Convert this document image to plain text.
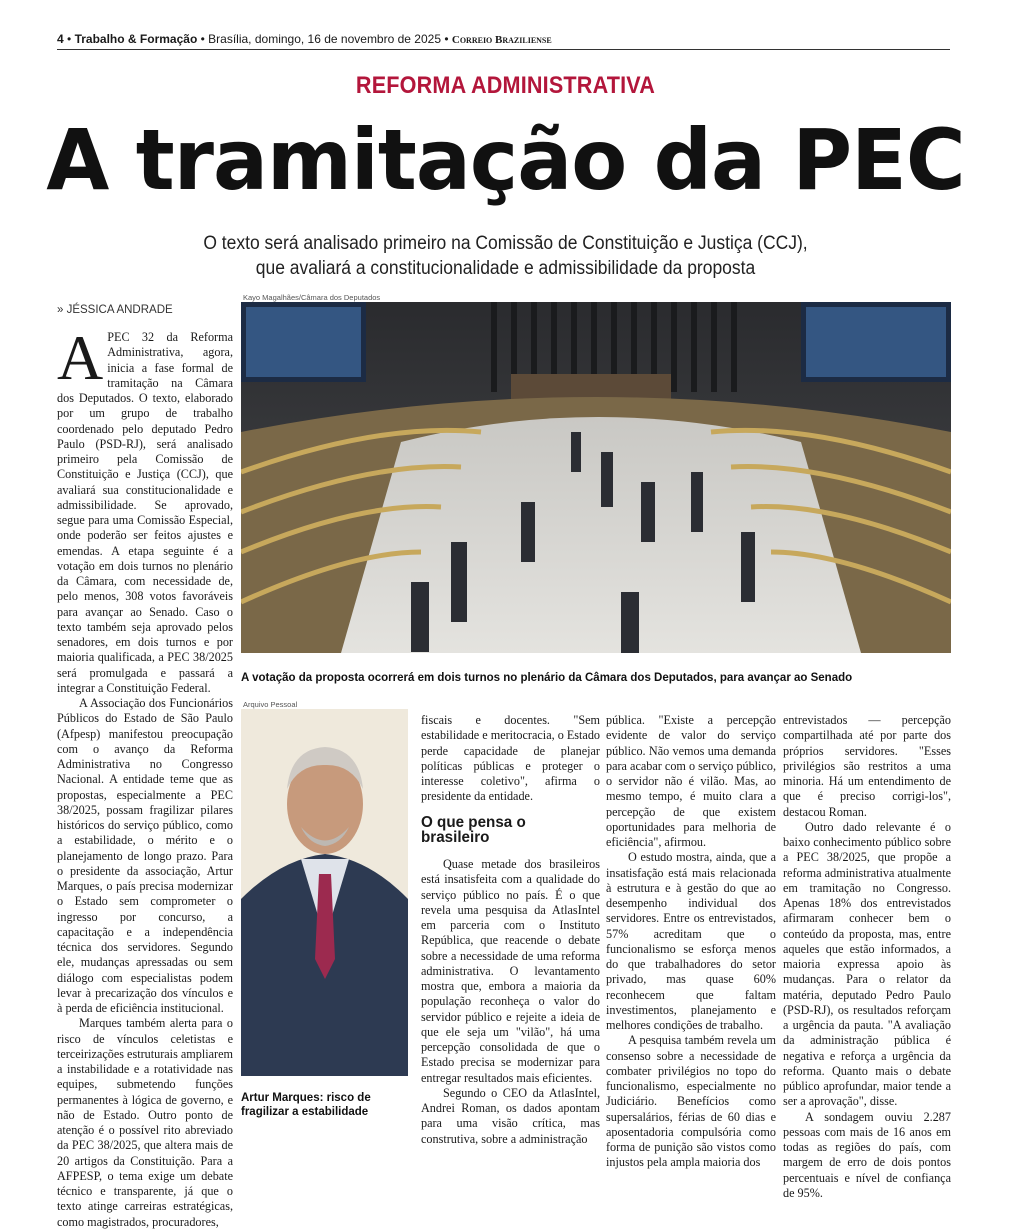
4 • Trabalho & Formação • Brasília, domingo, 16 de novembro de 2025 • Correio Braziliense
REFORMA ADMINISTRATIVA
A tramitação da PEC
O texto será analisado primeiro na Comissão de Constituição e Justiça (CCJ),
que avaliará a constitucionalidade e admissibilidade da proposta
» JÉSSICA ANDRADE

A PEC 32 da Reforma Administrativa, agora, inicia a fase formal de tramitação na Câmara dos Deputados. O texto, elaborado por um grupo de trabalho coordenado pelo deputado Pedro Paulo (PSD-RJ), será analisado primeiro pela Comissão de Constituição e Justiça (CCJ), que avaliará sua constitucionalidade e admissibilidade. Se aprovado, segue para uma Comissão Especial, onde poderão ser feitos ajustes e emendas. A etapa seguinte é a votação em dois turnos no plenário da Câmara, com necessidade de, pelo menos, 308 votos favoráveis para avançar ao Senado. Caso o texto também seja aprovado pelos senadores, em dois turnos e por maioria qualificada, a PEC 38/2025 será promulgada e passará a integrar a Constituição Federal.

A Associação dos Funcionários Públicos do Estado de São Paulo (Afpesp) manifestou preocupação com o avanço da Reforma Administrativa no Congresso Nacional. A entidade teme que as propostas, especialmente a PEC 38/2025, possam fragilizar pilares históricos do serviço público, como a estabilidade, o mérito e o planejamento de longo prazo. Para o presidente da associação, Artur Marques, o país precisa modernizar o Estado sem comprometer o ingresso por concurso, a capacitação e a independência técnica dos servidores. Segundo ele, mudanças apressadas ou sem diálogo com especialistas podem levar à precarização dos vínculos e à perda de eficiência institucional.

Marques também alerta para o risco de vínculos celetistas e terceirizações estruturais ampliarem a instabilidade e a rotatividade nas equipes, submetendo funções permanentes à lógica de governo, e não de Estado. Outro ponto de atenção é o possível rito abreviado da PEC 38/2025, que altera mais de 20 artigos da Constituição. Para a AFPESP, o tema exige um debate técnico e transparente, já que o texto atinge carreiras estratégicas, como magistrados, procuradores,

Kayo Magalhães/Câmara dos Deputados
A votação da proposta ocorrerá em dois turnos no plenário da Câmara dos Deputados, para avançar ao Senado
Arquivo Pessoal
Artur Marques: risco de fragilizar a estabilidade

fiscais e docentes. "Sem estabilidade e meritocracia, o Estado perde capacidade de planejar políticas públicas e proteger o interesse coletivo", afirma o presidente da entidade.

O que pensa o brasileiro

Quase metade dos brasileiros está insatisfeita com a qualidade do serviço público no país. É o que revela uma pesquisa da AtlasIntel em parceria com o Instituto República, que reacende o debate sobre a necessidade de uma reforma administrativa. O levantamento mostra que, embora a maioria da população reconheça o valor do servidor público e rejeite a ideia de que ele seja um "vilão", há uma percepção consolidada de que o Estado precisa se modernizar para entregar resultados mais eficientes.

Segundo o CEO da AtlasIntel, Andrei Roman, os dados apontam para uma visão crítica, mas construtiva, sobre a administração

pública. "Existe a percepção evidente de valor do serviço público. Não vemos uma demanda para acabar com o serviço público, o servidor não é vilão. Mas, ao mesmo tempo, é muito clara a percepção de que existem oportunidades para melhoria de eficiência", afirmou.

O estudo mostra, ainda, que a insatisfação está mais relacionada à estrutura e à gestão do que ao desempenho individual dos servidores. Entre os entrevistados, 57% acreditam que o funcionalismo se esforça menos do que trabalhadores do setor privado, mas quase 60% reconhecem que faltam investimentos, planejamento e melhores condições de trabalho.

A pesquisa também revela um consenso sobre a necessidade de combater privilégios no topo do funcionalismo, especialmente no Judiciário. Benefícios como supersalários, férias de 60 dias e aposentadoria compulsória como forma de punição são vistos como injustos pela ampla maioria dos

entrevistados — percepção compartilhada até por parte dos próprios servidores. "Esses privilégios são restritos a uma minoria. Há um entendimento de que é preciso corrigi-los", destacou Roman.

Outro dado relevante é o baixo conhecimento público sobre a PEC 38/2025, que propõe a reforma administrativa atualmente em tramitação no Congresso. Apenas 18% dos entrevistados afirmaram conhecer bem o conteúdo da proposta, mas, entre aqueles que estão informados, a maioria expressa apoio às mudanças. Para o relator da matéria, deputado Pedro Paulo (PSD-RJ), os resultados reforçam a urgência da pauta. "A avaliação da administração pública é negativa e reforça a urgência da reforma. Quanto mais o debate público aprofundar, maior tende a ser a aprovação", disse.

A sondagem ouviu 2.287 pessoas com mais de 16 anos em todas as regiões do país, com margem de erro de dois pontos percentuais e nível de confiança de 95%.
